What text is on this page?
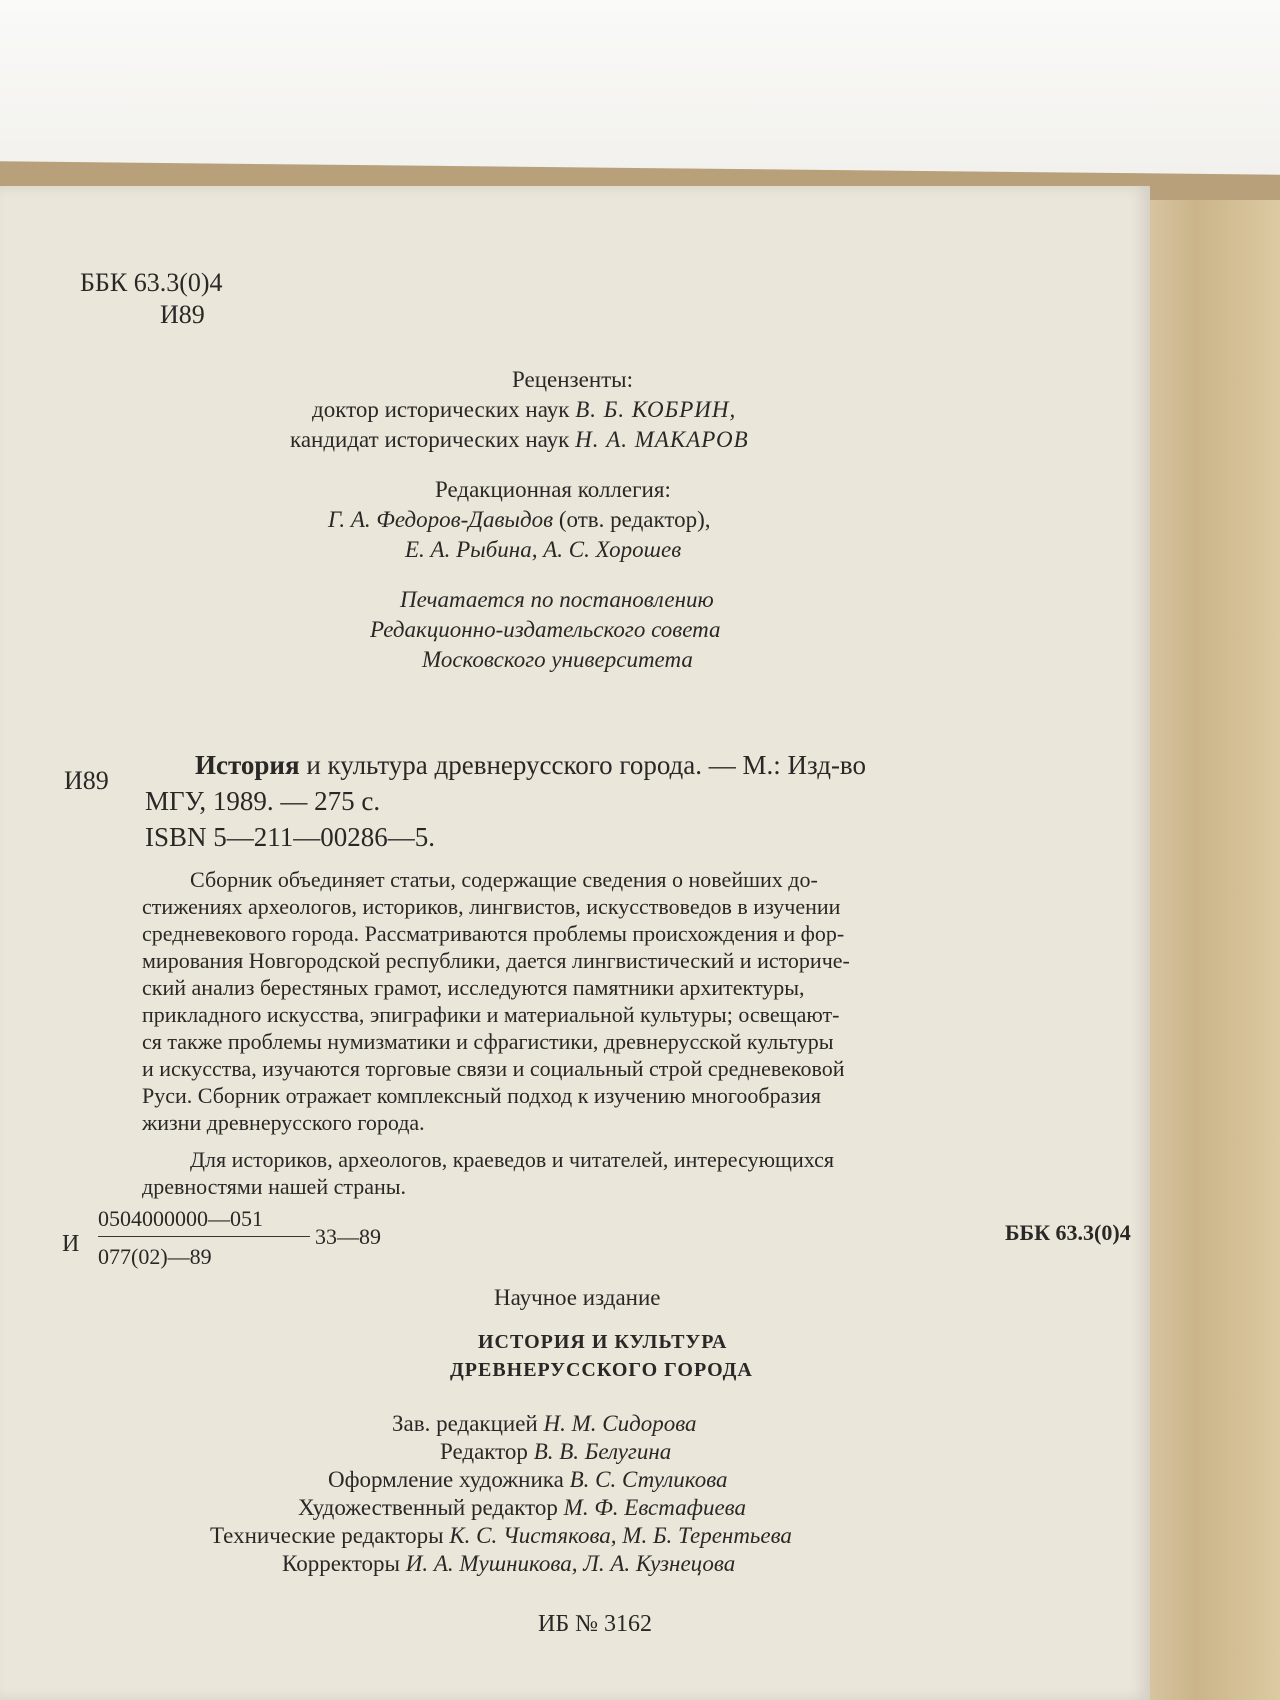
ББК 63.3(0)4
И89
Рецензенты:
доктор исторических наук В. Б. КОБРИН,
кандидат исторических наук Н. А. МАКАРОВ
Редакционная коллегия:
Г. А. Федоров-Давыдов (отв. редактор),
Е. А. Рыбина, А. С. Хорошев
Печатается по постановлению
Редакционно-издательского совета
Московского университета
И89
История и культура древнерусского города. — М.: Изд-во
МГУ, 1989. — 275 с.
ISBN 5—211—00286—5.
Сборник объединяет статьи, содержащие сведения о новейших до-
стижениях археологов, историков, лингвистов, искусствоведов в изучении
средневекового города. Рассматриваются проблемы происхождения и фор-
мирования Новгородской республики, дается лингвистический и историче-
ский анализ берестяных грамот, исследуются памятники архитектуры,
прикладного искусства, эпиграфики и материальной культуры; освещают-
ся также проблемы нумизматики и сфрагистики, древнерусской культуры
и искусства, изучаются торговые связи и социальный строй средневековой
Руси. Сборник отражает комплексный подход к изучению многообразия
жизни древнерусского города.
Для историков, археологов, краеведов и читателей, интересующихся
древностями нашей страны.
И
0504000000—051
077(02)—89
33—89	ББК 63.3(0)4
Научное издание
ИСТОРИЯ И КУЛЬТУРА
ДРЕВНЕРУССКОГО ГОРОДА
Зав. редакцией Н. М. Сидорова
Редактор В. В. Белугина
Оформление художника В. С. Стуликова
Художественный редактор М. Ф. Евстафиева
Технические редакторы К. С. Чистякова, М. Б. Терентьева
Корректоры И. А. Мушникова, Л. А. Кузнецова
ИБ № 3162
